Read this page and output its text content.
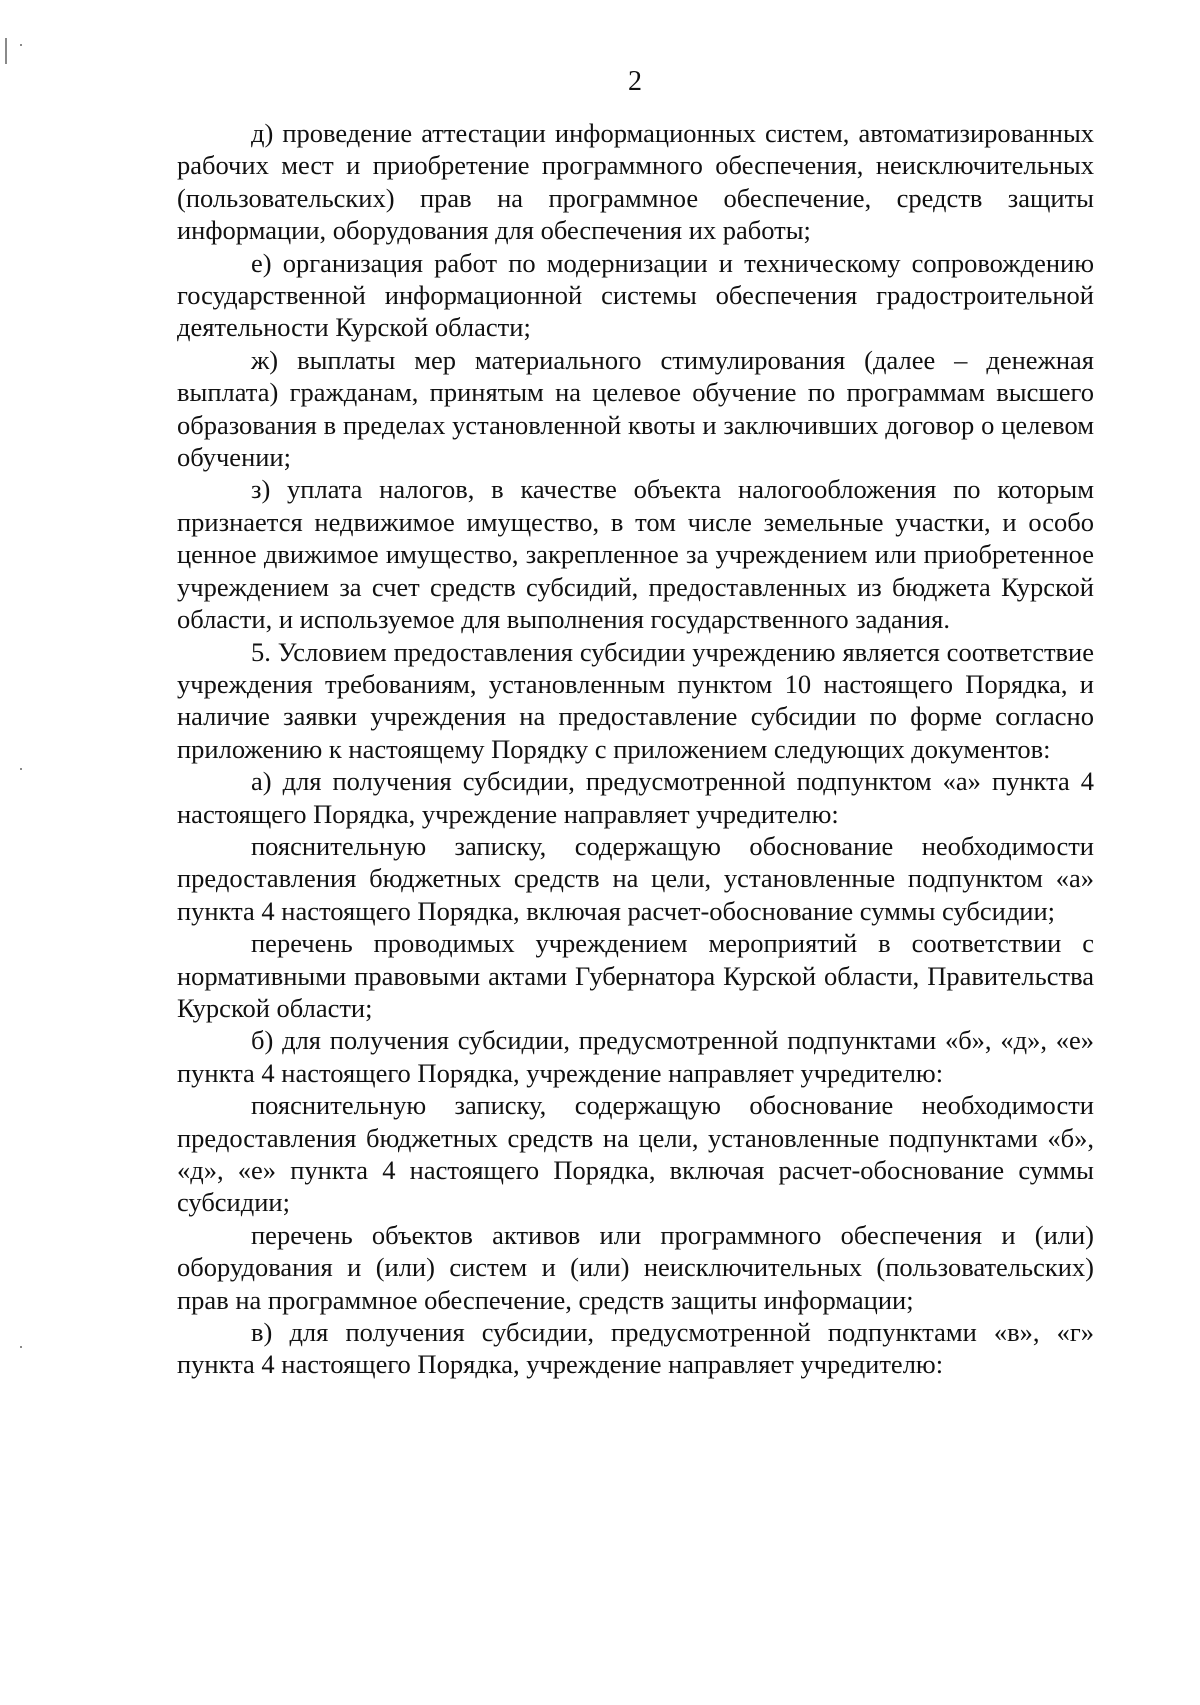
2

д) проведение аттестации информационных систем, автоматизированных рабочих мест и приобретение программного обеспечения, неисключительных (пользовательских) прав на программное обеспечение, средств защиты информации, оборудования для обеспечения их работы;

е) организация работ по модернизации и техническому сопровождению государственной информационной системы обеспечения градостроительной деятельности Курской области;

ж) выплаты мер материального стимулирования (далее – денежная выплата) гражданам, принятым на целевое обучение по программам высшего образования в пределах установленной квоты и заключивших договор о целевом обучении;

з) уплата налогов, в качестве объекта налогообложения по которым признается недвижимое имущество, в том числе земельные участки, и особо ценное движимое имущество, закрепленное за учреждением или приобретенное учреждением за счет средств субсидий, предоставленных из бюджета Курской области, и используемое для выполнения государственного задания.

5. Условием предоставления субсидии учреждению является соответствие учреждения требованиям, установленным пунктом 10 настоящего Порядка, и наличие заявки учреждения на предоставление субсидии по форме согласно приложению к настоящему Порядку с приложением следующих документов:

а) для получения субсидии, предусмотренной подпунктом «а» пункта 4 настоящего Порядка, учреждение направляет учредителю:

пояснительную записку, содержащую обоснование необходимости предоставления бюджетных средств на цели, установленные подпунктом «а» пункта 4 настоящего Порядка, включая расчет-обоснование суммы субсидии;

перечень проводимых учреждением мероприятий в соответствии с нормативными правовыми актами Губернатора Курской области, Правительства Курской области;

б) для получения субсидии, предусмотренной подпунктами «б», «д», «е» пункта 4 настоящего Порядка, учреждение направляет учредителю:

пояснительную записку, содержащую обоснование необходимости предоставления бюджетных средств на цели, установленные подпунктами «б», «д», «е» пункта 4 настоящего Порядка, включая расчет-обоснование суммы субсидии;

перечень объектов активов или программного обеспечения и (или) оборудования и (или) систем и (или) неисключительных (пользовательских) прав на программное обеспечение, средств защиты информации;

в) для получения субсидии, предусмотренной подпунктами «в», «г» пункта 4 настоящего Порядка, учреждение направляет учредителю:
